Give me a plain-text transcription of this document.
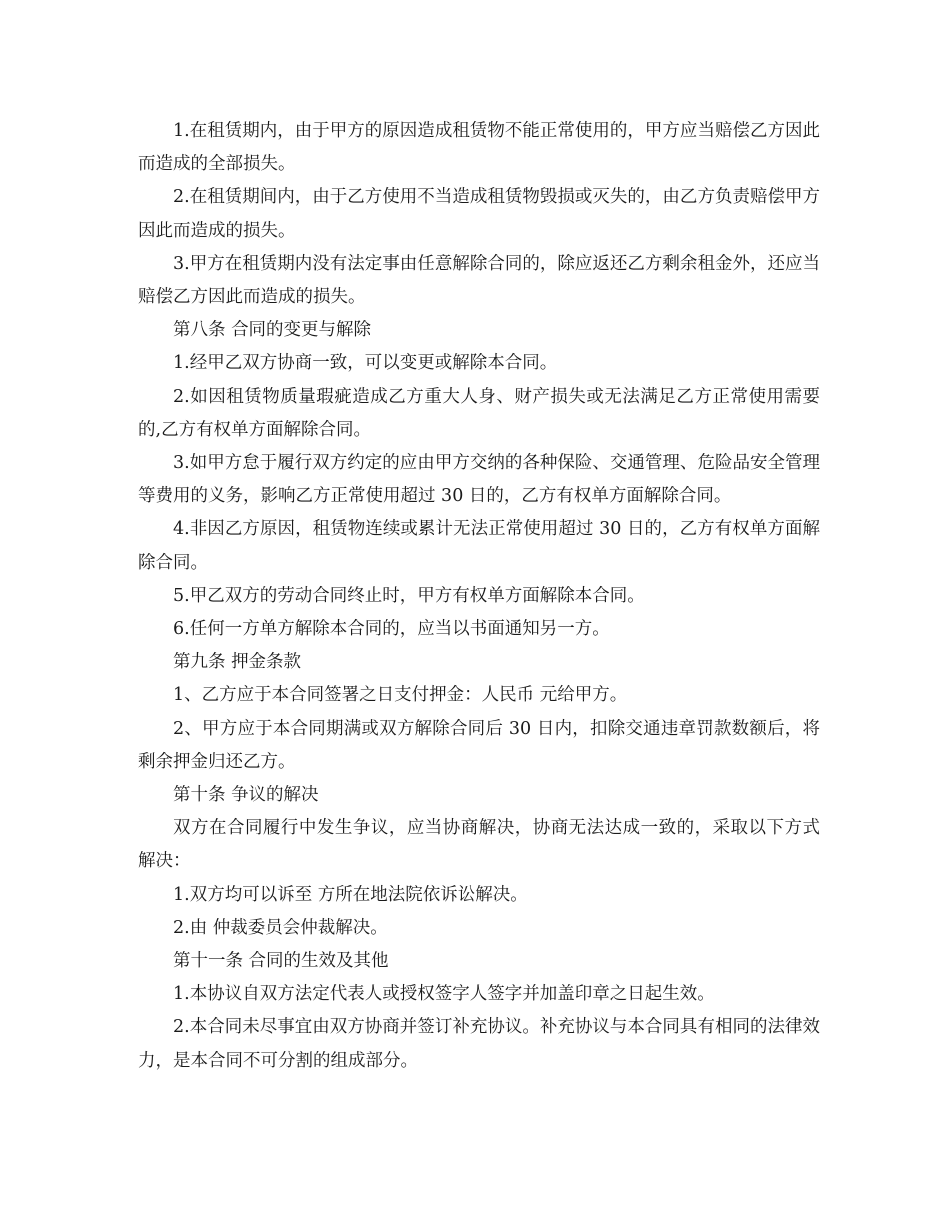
1.在租赁期内，由于甲方的原因造成租赁物不能正常使用的，甲方应当赔偿乙方因此而造成的全部损失。

2.在租赁期间内，由于乙方使用不当造成租赁物毁损或灭失的，由乙方负责赔偿甲方因此而造成的损失。

3.甲方在租赁期内没有法定事由任意解除合同的，除应返还乙方剩余租金外，还应当赔偿乙方因此而造成的损失。

第八条 合同的变更与解除

1.经甲乙双方协商一致，可以变更或解除本合同。

2.如因租赁物质量瑕疵造成乙方重大人身、财产损失或无法满足乙方正常使用需要的,乙方有权单方面解除合同。

3.如甲方怠于履行双方约定的应由甲方交纳的各种保险、交通管理、危险品安全管理等费用的义务，影响乙方正常使用超过 30 日的，乙方有权单方面解除合同。

4.非因乙方原因，租赁物连续或累计无法正常使用超过 30 日的，乙方有权单方面解除合同。

5.甲乙双方的劳动合同终止时，甲方有权单方面解除本合同。

6.任何一方单方解除本合同的，应当以书面通知另一方。

第九条 押金条款

1、乙方应于本合同签署之日支付押金：人民币 元给甲方。

2、甲方应于本合同期满或双方解除合同后 30 日内，扣除交通违章罚款数额后，将剩余押金归还乙方。

第十条 争议的解决

双方在合同履行中发生争议，应当协商解决，协商无法达成一致的，采取以下方式解决：

1.双方均可以诉至 方所在地法院依诉讼解决。

2.由 仲裁委员会仲裁解决。

第十一条 合同的生效及其他

1.本协议自双方法定代表人或授权签字人签字并加盖印章之日起生效。

2.本合同未尽事宜由双方协商并签订补充协议。补充协议与本合同具有相同的法律效力，是本合同不可分割的组成部分。
